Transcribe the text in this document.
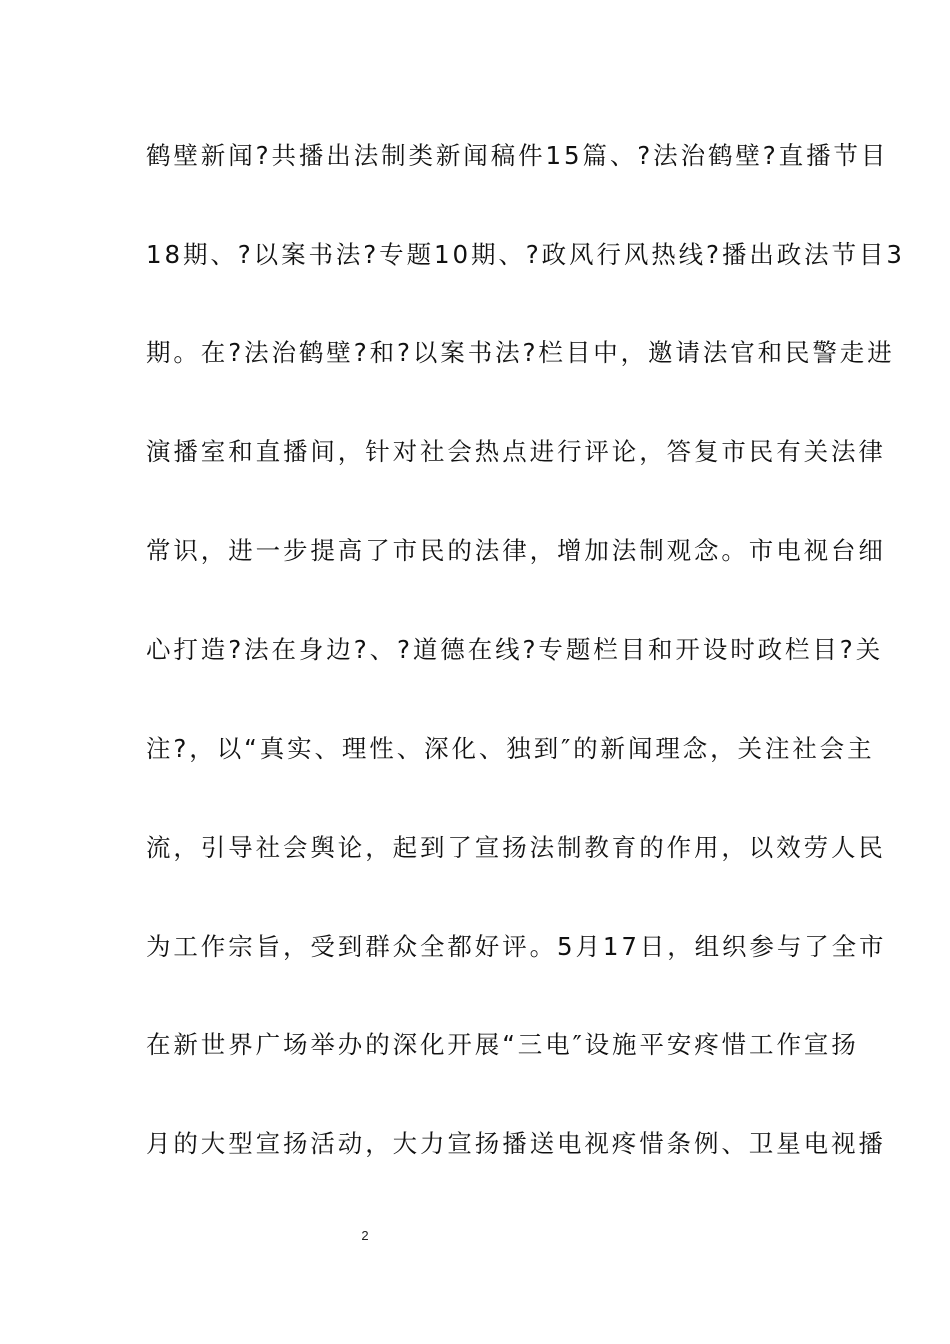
鹤壁新闻?共播出法制类新闻稿件15篇、?法治鹤壁?直播节目
18期、?以案书法?专题10期、?政风行风热线?播出政法节目3
期。在?法治鹤壁?和?以案书法?栏目中，邀请法官和民警走进
演播室和直播间，针对社会热点进行评论，答复市民有关法律
常识，进一步提高了市民的法律，增加法制观念。市电视台细
心打造?法在身边?、?道德在线?专题栏目和开设时政栏目?关
注?，以“真实、理性、深化、独到″的新闻理念，关注社会主
流，引导社会舆论，起到了宣扬法制教育的作用，以效劳人民
为工作宗旨，受到群众全都好评。5月17日，组织参与了全市
在新世界广场举办的深化开展“三电″设施平安疼惜工作宣扬
月的大型宣扬活动，大力宣扬播送电视疼惜条例、卫星电视播
2
